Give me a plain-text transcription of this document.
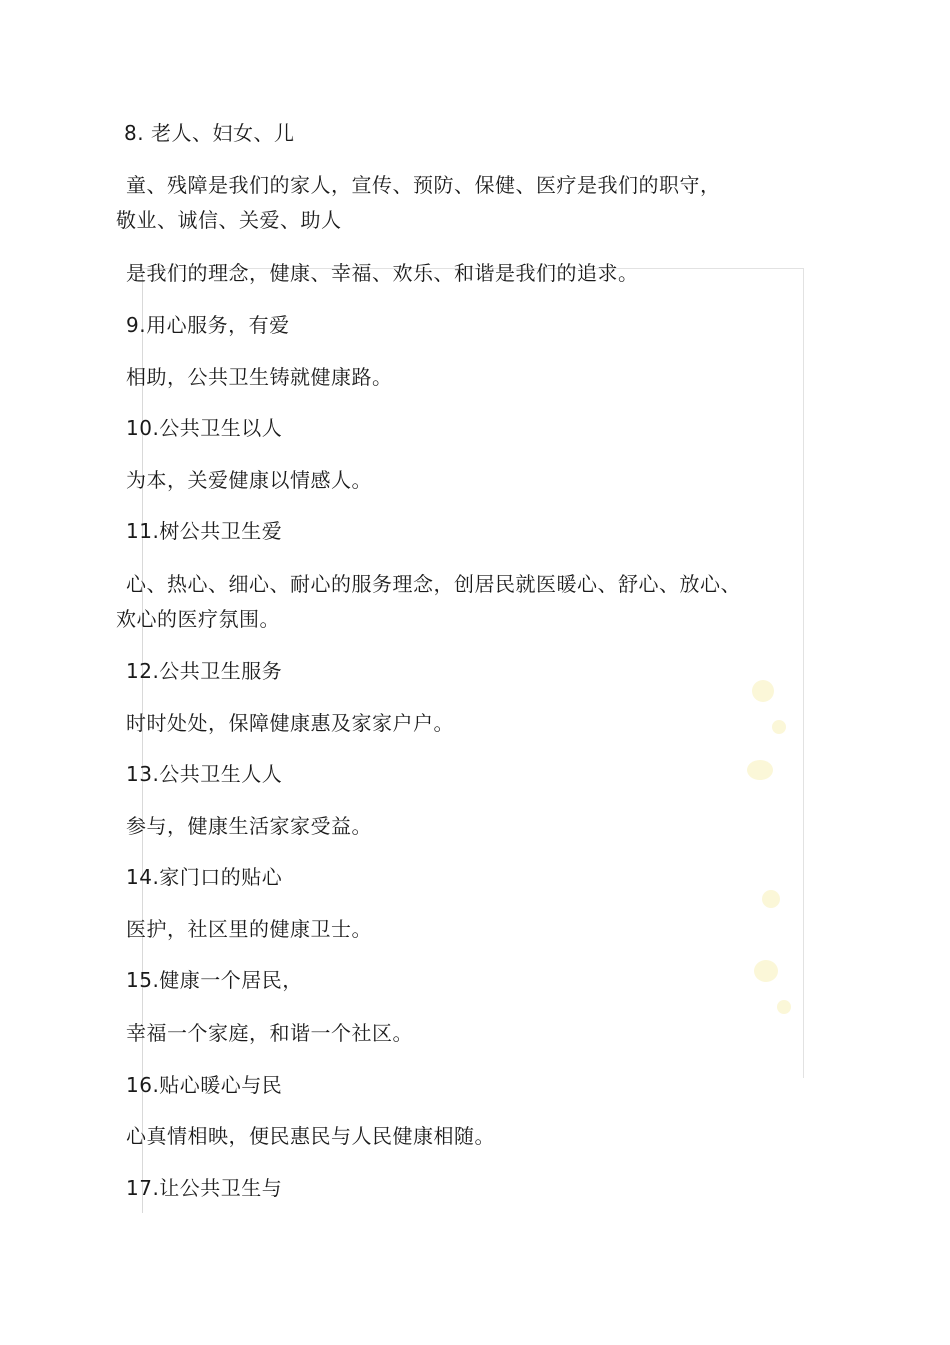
8. 老人、妇女、儿
童、残障是我们的家人，宣传、预防、保健、医疗是我们的职守，
敬业、诚信、关爱、助人
是我们的理念，健康、幸福、欢乐、和谐是我们的追求。
9.用心服务，有爱
相助，公共卫生铸就健康路。
10.公共卫生以人
为本，关爱健康以情感人。
11.树公共卫生爱
心、热心、细心、耐心的服务理念，创居民就医暖心、舒心、放心、
欢心的医疗氛围。
12.公共卫生服务
时时处处，保障健康惠及家家户户。
13.公共卫生人人
参与，健康生活家家受益。
14.家门口的贴心
医护，社区里的健康卫士。
15.健康一个居民，
幸福一个家庭，和谐一个社区。
16.贴心暖心与民
心真情相映，便民惠民与人民健康相随。
17.让公共卫生与
